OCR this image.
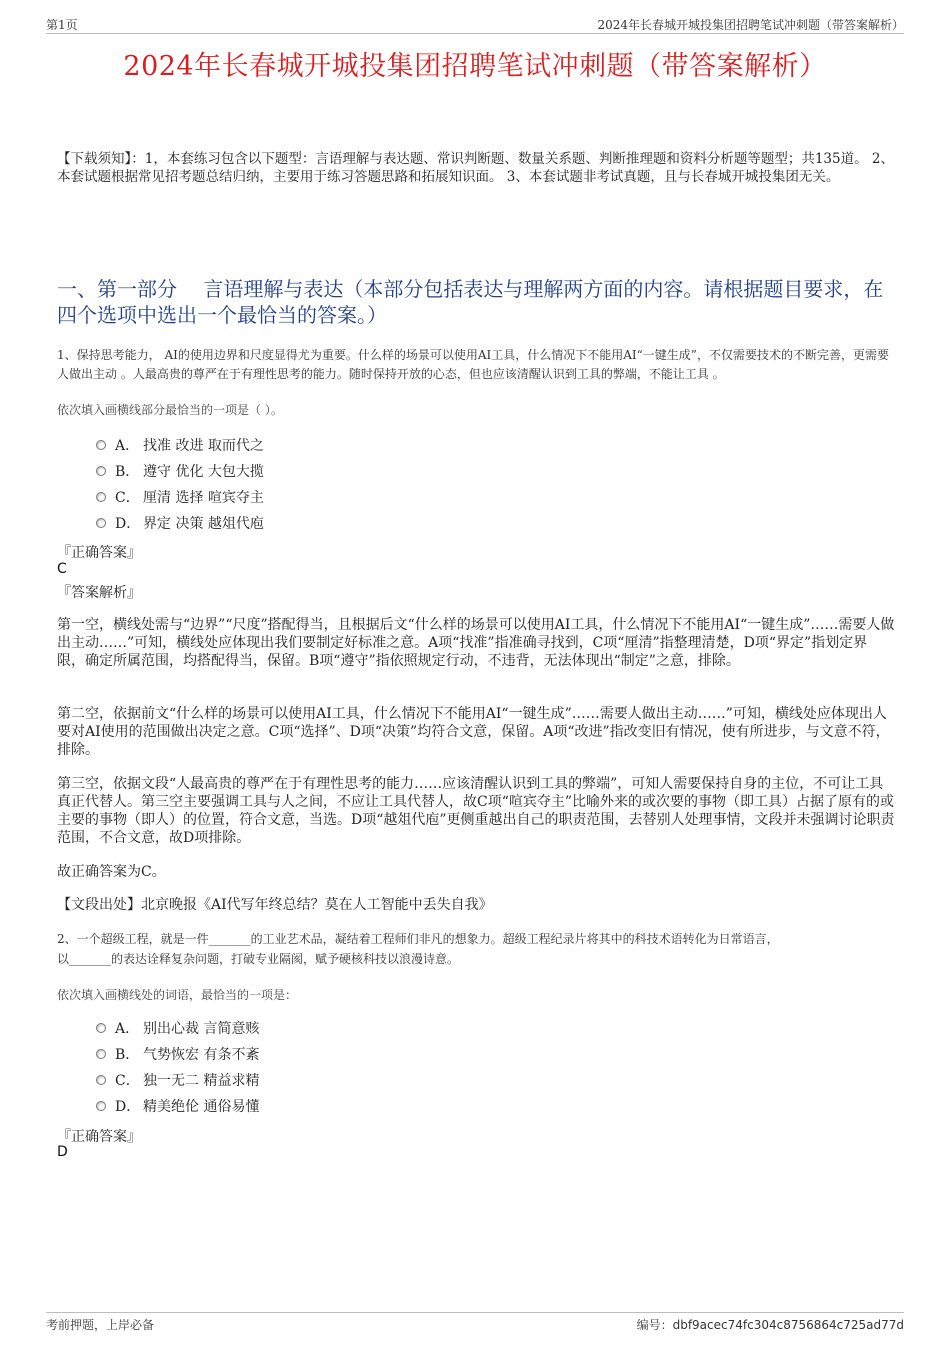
第1页	2024年长春城开城投集团招聘笔试冲刺题（带答案解析）
2024年长春城开城投集团招聘笔试冲刺题（带答案解析）
【下载须知】：1，本套练习包含以下题型：言语理解与表达题、常识判断题、数量关系题、判断推理题和资料分析题等题型；共135道。 2、本套试题根据常见招考题总结归纳，主要用于练习答题思路和拓展知识面。 3、本套试题非考试真题，且与长春城开城投集团无关。
一、第一部分　 言语理解与表达（本部分包括表达与理解两方面的内容。请根据题目要求，在四个选项中选出一个最恰当的答案。）
1、保持思考能力， AI的使用边界和尺度显得尤为重要。什么样的场景可以使用AI工具，什么情况下不能用AI“一键生成”，不仅需要技术的不断完善，更需要人做出主动 。人最高贵的尊严在于有理性思考的能力。随时保持开放的心态，但也应该清醒认识到工具的弊端，不能让工具 。
依次填入画横线部分最恰当的一项是（ ）。
A． 找准 改进 取而代之
B． 遵守 优化 大包大揽
C． 厘清 选择 喧宾夺主
D． 界定 决策 越俎代庖
『正确答案』
C
『答案解析』
第一空，横线处需与“边界”“尺度”搭配得当，且根据后文“什么样的场景可以使用AI工具，什么情况下不能用AI“一键生成”……需要人做出主动……”可知，横线处应体现出我们要制定好标准之意。A项“找准”指准确寻找到，C项“厘清”指整理清楚，D项“界定”指划定界限，确定所属范围，均搭配得当，保留。B项“遵守”指依照规定行动，不违背，无法体现出“制定”之意，排除。
第二空，依据前文“什么样的场景可以使用AI工具，什么情况下不能用AI“一键生成”……需要人做出主动……”可知，横线处应体现出人要对AI使用的范围做出决定之意。C项“选择”、D项“决策”均符合文意，保留。A项“改进”指改变旧有情况，使有所进步，与文意不符，排除。
第三空，依据文段“人最高贵的尊严在于有理性思考的能力……应该清醒认识到工具的弊端”，可知人需要保持自身的主位，不可让工具真正代替人。第三空主要强调工具与人之间，不应让工具代替人，故C项“喧宾夺主”比喻外来的或次要的事物（即工具）占据了原有的或主要的事物（即人）的位置，符合文意，当选。D项“越俎代庖”更侧重越出自己的职责范围，去替别人处理事情，文段并未强调讨论职责范围，不合文意，故D项排除。
故正确答案为C。
【文段出处】北京晚报《AI代写年终总结？莫在人工智能中丢失自我》
2、一个超级工程，就是一件_______的工业艺术品，凝结着工程师们非凡的想象力。超级工程纪录片将其中的科技术语转化为日常语言，
以_______的表达诠释复杂问题，打破专业隔阂，赋予硬核科技以浪漫诗意。
依次填入画横线处的词语，最恰当的一项是：
A． 别出心裁 言简意赅
B． 气势恢宏 有条不紊
C． 独一无二 精益求精
D． 精美绝伦 通俗易懂
『正确答案』
D
考前押题，上岸必备	编号：dbf9acec74fc304c8756864c725ad77d
